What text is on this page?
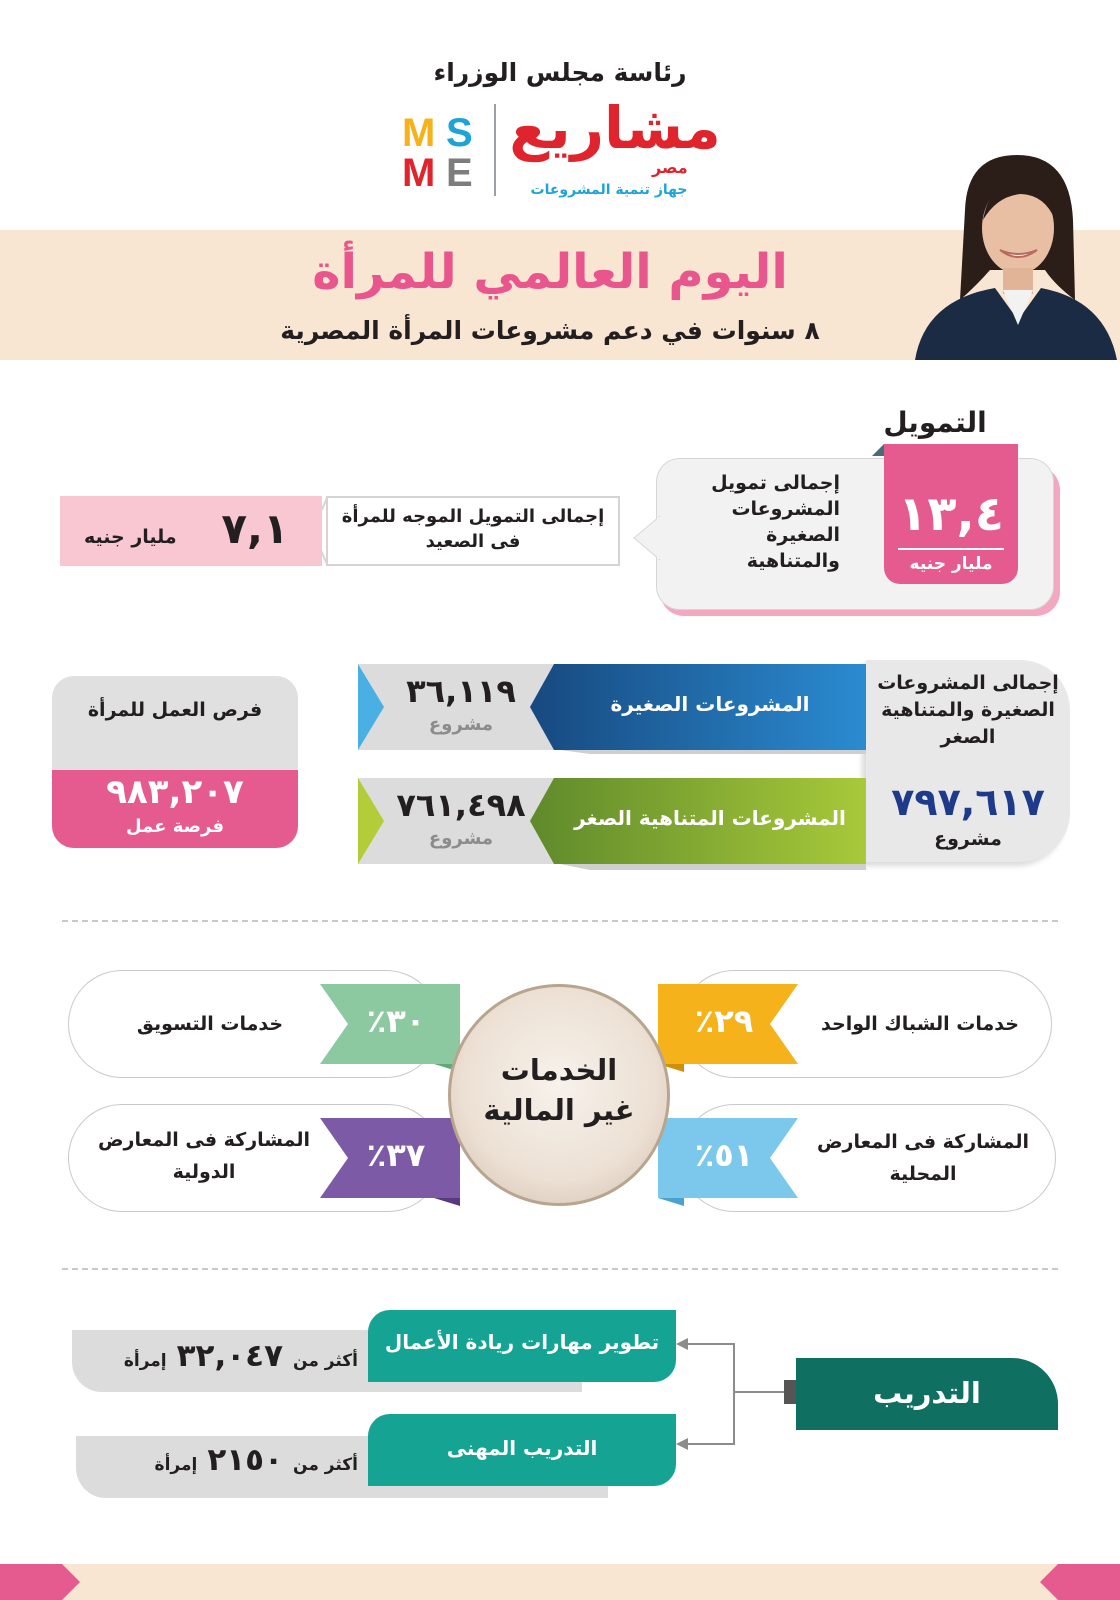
رئاسة مجلس الوزراء
M S
M E
مشاريع
مصر
جهاز تنمية المشروعات
اليوم العالمي للمرأة
٨ سنوات في دعم مشروعات المرأة المصرية
التمويل
إجمالى تمويل المشروعات الصغيرة والمتناهية
١٣,٤
مليار جنيه
إجمالى التمويل الموجه للمرأة فى الصعيد
٧,١
مليار جنيه
إجمالى المشروعات الصغيرة والمتناهية الصغر
٧٩٧,٦١٧
مشروع
المشروعات الصغيرة
٣٦,١١٩
مشروع
المشروعات المتناهية الصغر
٧٦١,٤٩٨
مشروع
فرص العمل للمرأة
٩٨٣,٢٠٧
فرصة عمل
٢٩٪
٣٠٪
٥١٪
٣٧٪
خدمات الشباك الواحد
خدمات التسويق
المشاركة فى المعارض المحلية
المشاركة فى المعارض الدولية
الخدمات
غير المالية
التدريب
تطوير مهارات ريادة الأعمال
أكثر من
٣٢,٠٤٧
إمرأة
التدريب المهنى
أكثر من
٢١٥٠
إمرأة
